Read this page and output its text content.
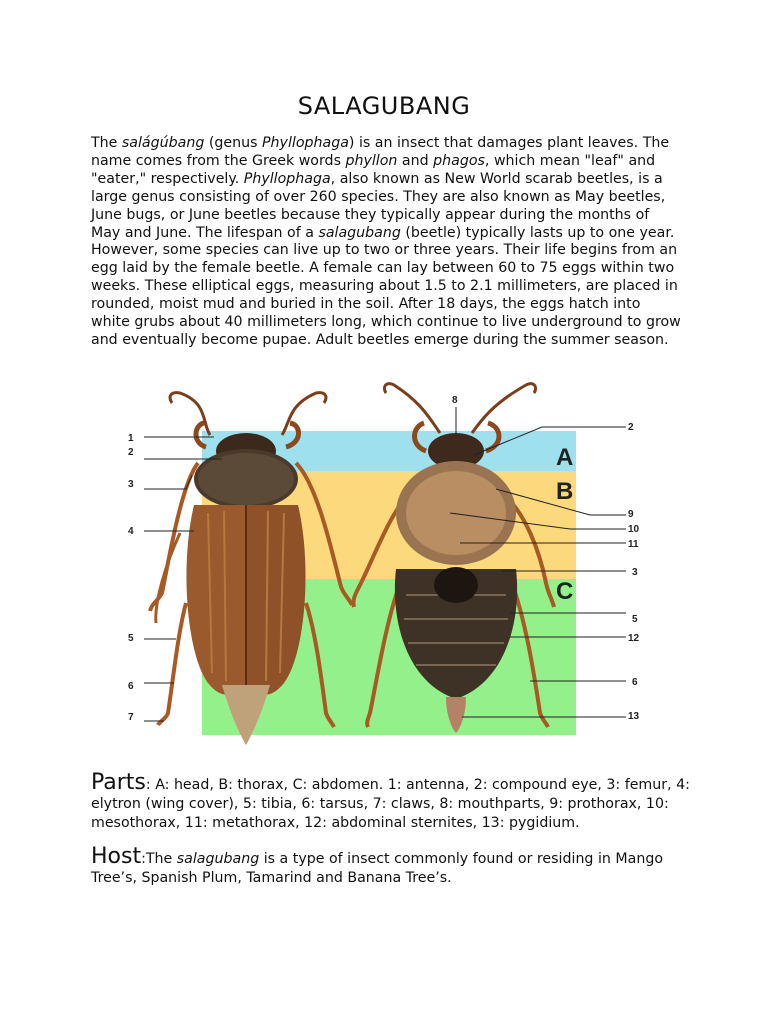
SALAGUBANG

The salágúbang (genus Phyllophaga) is an insect that damages plant leaves. The name comes from the Greek words phyllon and phagos, which mean "leaf" and "eater," respectively. Phyllophaga, also known as New World scarab beetles, is a large genus consisting of over 260 species. They are also known as May beetles, June bugs, or June beetles because they typically appear during the months of May and June. The lifespan of a salagubang (beetle) typically lasts up to one year. However, some species can live up to two or three years. Their life begins from an egg laid by the female beetle. A female can lay between 60 to 75 eggs within two weeks. These elliptical eggs, measuring about 1.5 to 2.1 millimeters, are placed in rounded, moist mud and buried in the soil. After 18 days, the eggs hatch into white grubs about 40 millimeters long, which continue to live underground to grow and eventually become pupae. Adult beetles emerge during the summer season.

A
B
C
1
2
3
4
5
6
7
8
2
9
10
11
3
5
12
6
13

Parts: A: head, B: thorax, C: abdomen. 1: antenna, 2: compound eye, 3: femur, 4: elytron (wing cover), 5: tibia, 6: tarsus, 7: claws, 8: mouthparts, 9: prothorax, 10: mesothorax, 11: metathorax, 12: abdominal sternites, 13: pygidium.

Host:The salagubang is a type of insect commonly found or residing in Mango Tree’s, Spanish Plum, Tamarind and Banana Tree’s.
